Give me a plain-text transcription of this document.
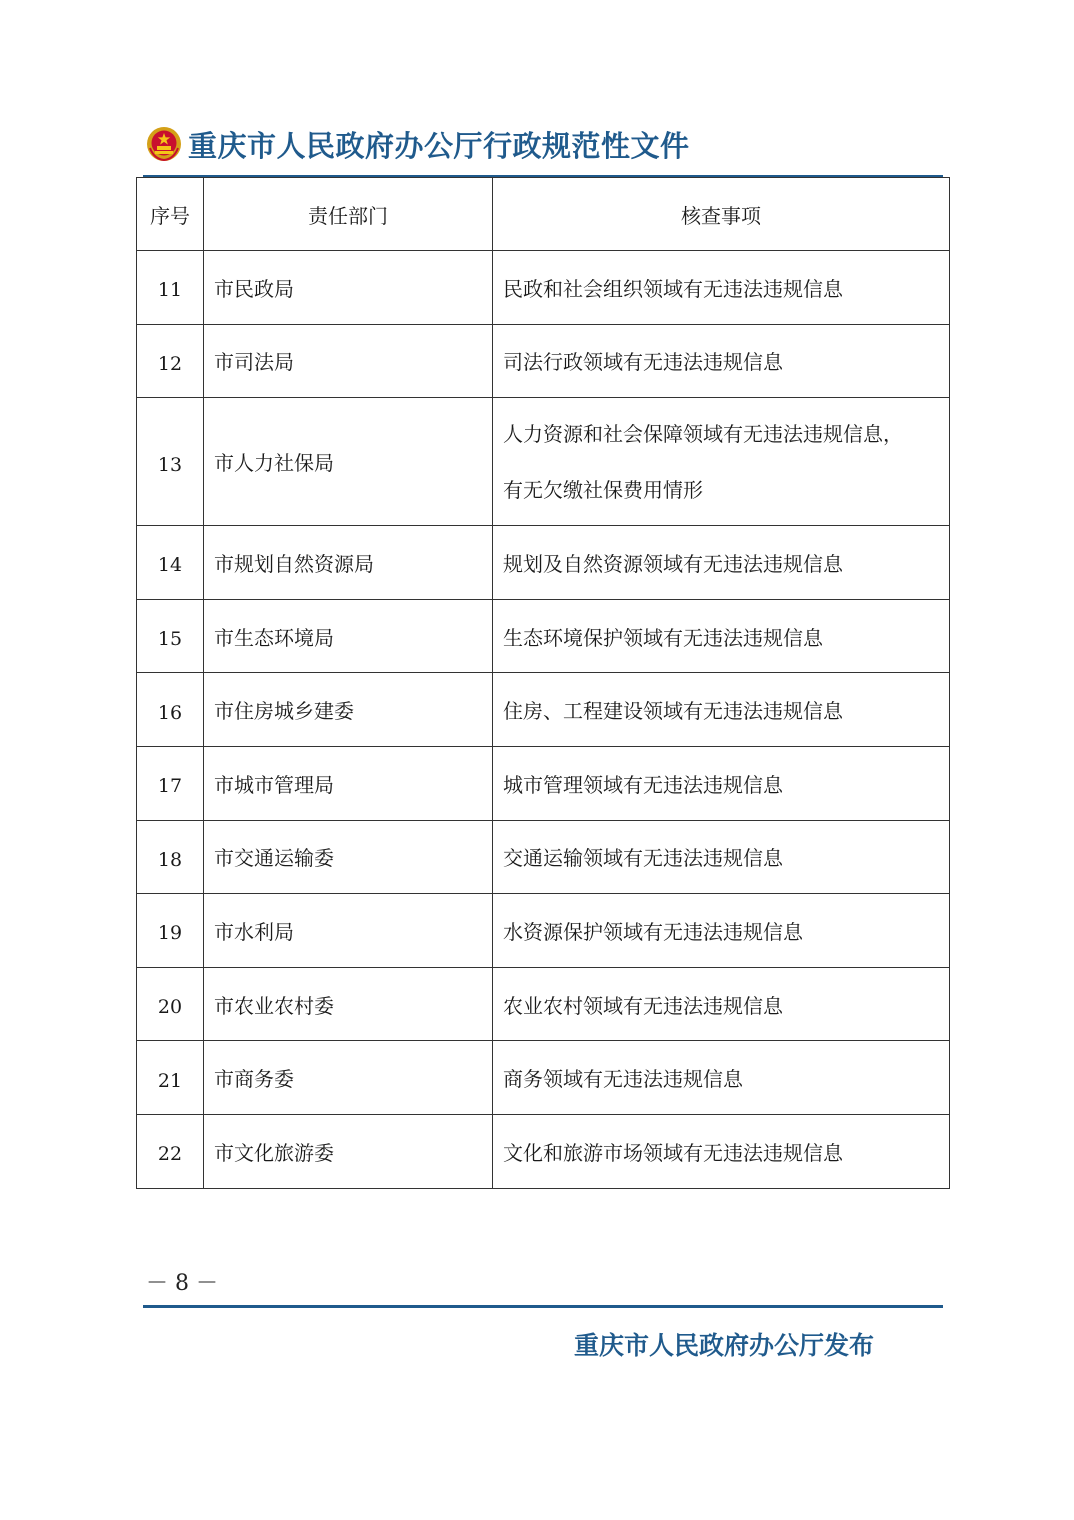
重庆市人民政府办公厅行政规范性文件
序号	责任部门	核查事项
11	市民政局	民政和社会组织领域有无违法违规信息
12	市司法局	司法行政领域有无违法违规信息
13	市人力社保局	人力资源和社会保障领域有无违法违规信息，
有无欠缴社保费用情形

14	市规划自然资源局	规划及自然资源领域有无违法违规信息
15	市生态环境局	生态环境保护领域有无违法违规信息
16	市住房城乡建委	住房、工程建设领域有无违法违规信息
17	市城市管理局	城市管理领域有无违法违规信息
18	市交通运输委	交通运输领域有无违法违规信息
19	市水利局	水资源保护领域有无违法违规信息
20	市农业农村委	农业农村领域有无违法违规信息
21	市商务委	商务领域有无违法违规信息
22	市文化旅游委	文化和旅游市场领域有无违法违规信息
－ 8 －
重庆市人民政府办公厅发布
